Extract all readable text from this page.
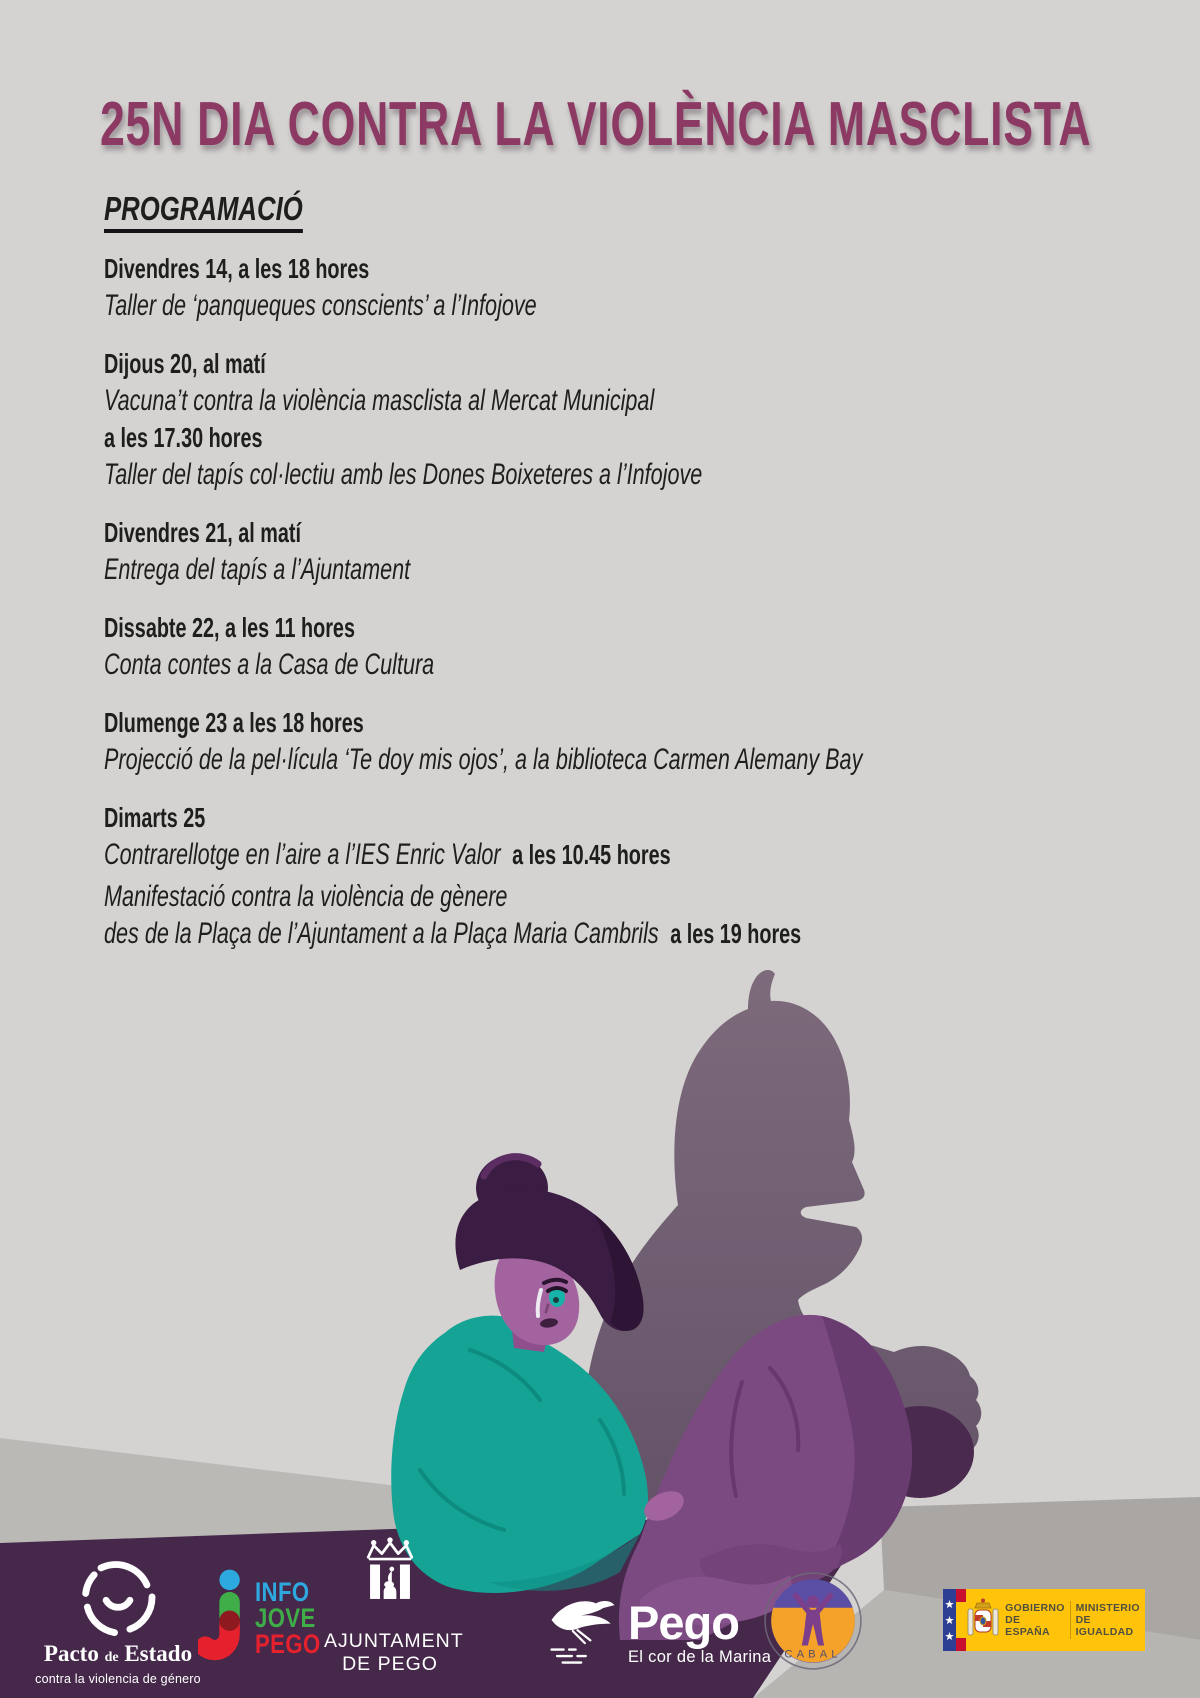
25N DIA CONTRA LA VIOLÈNCIA MASCLISTA
PROGRAMACIÓ
Divendres 14, a les 18 hores
Taller de ‘panqueques conscients’ a l’Infojove
Dijous 20, al matí
Vacuna’t contra la violència masclista al Mercat Municipal
a les 17.30 hores
Taller del tapís col·lectiu amb les Dones Boixeteres a l’Infojove
Divendres 21, al matí
Entrega del tapís a l’Ajuntament
Dissabte 22, a les 11 hores
Conta contes a la Casa de Cultura
Dlumenge 23 a les 18 hores
Projecció de la pel·lícula ‘Te doy mis ojos’, a la biblioteca Carmen Alemany Bay
Dimarts 25
Contrarellotge en l’aire a l’IES Enric Valor a les 10.45 hores
Manifestació contra la violència de gènere
des de la Plaça de l’Ajuntament a la Plaça Maria Cambrils a les 19 hores
Pacto de Estado
contra la violencia de género
INFO
JOVE
PEGO AJUNTAMENT
DE PEGO
Pego
El cor de la Marina CABAL
GOBIERNO
DE ESPAÑA
MINISTERIO
DE IGUALDAD
